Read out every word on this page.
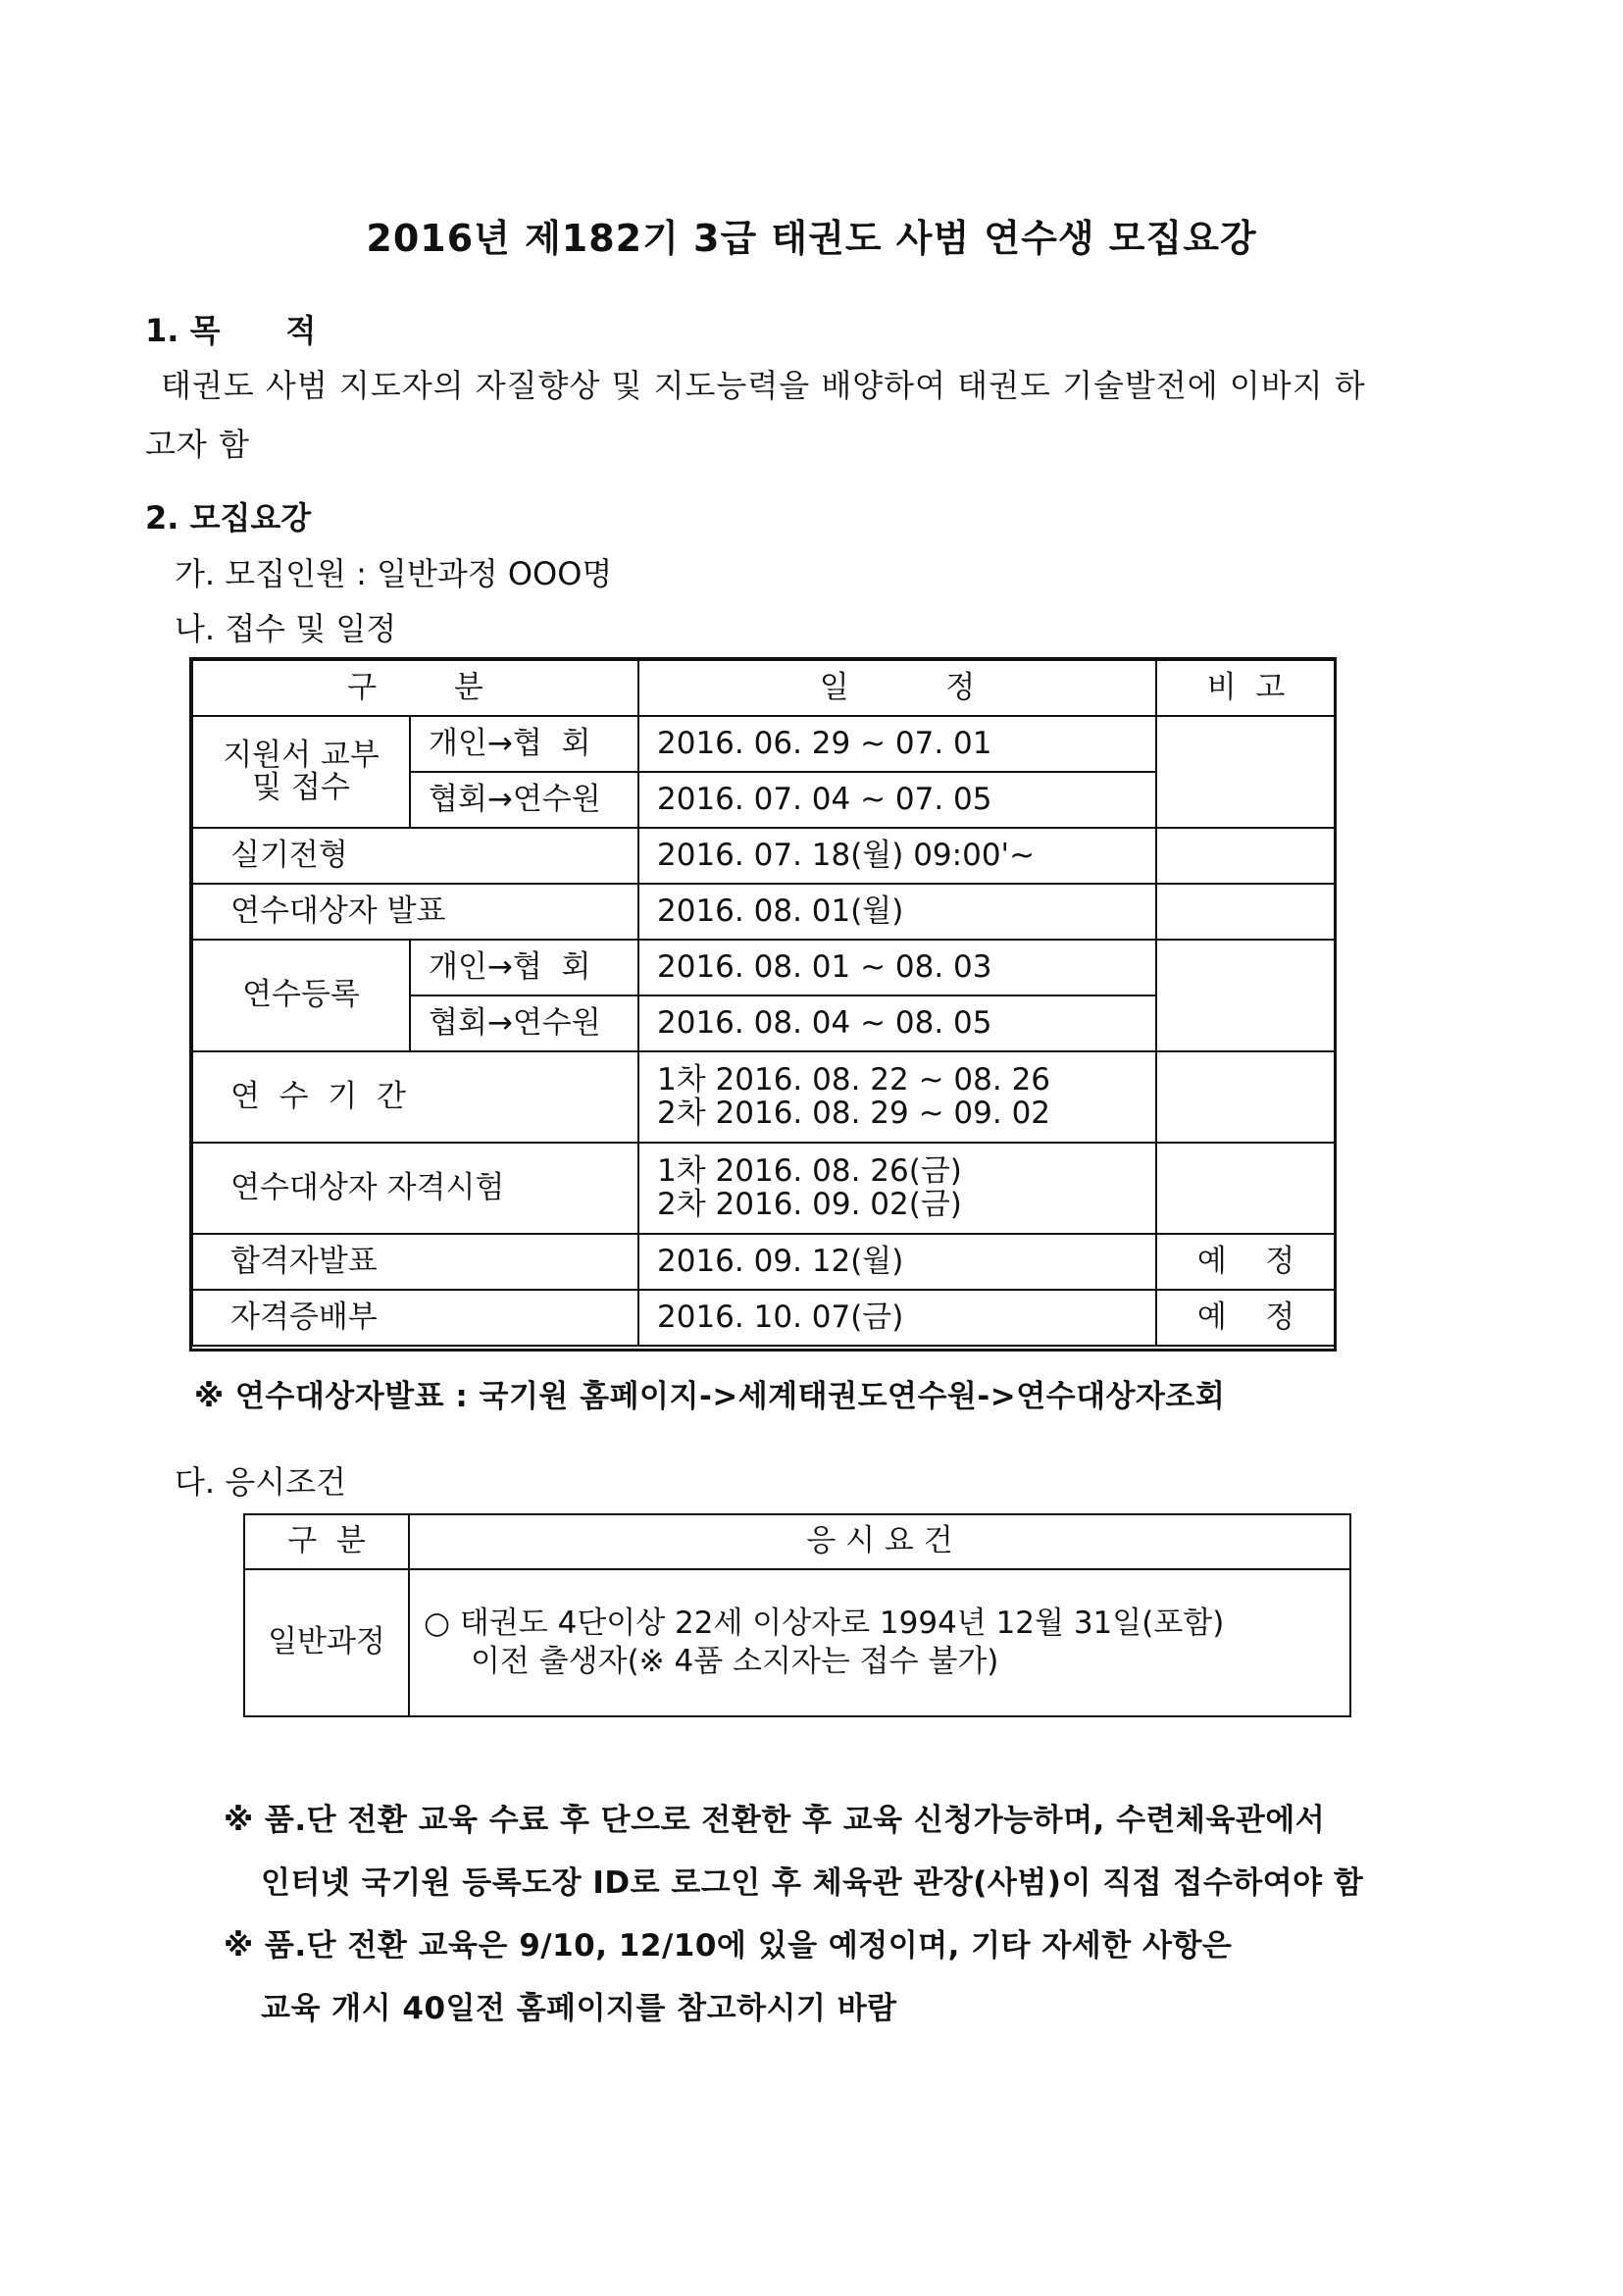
2016년 제182기 3급 태권도 사범 연수생 모집요강
1. 목      적
태권도 사범 지도자의 자질향상 및 지도능력을 배양하여 태권도 기술발전에 이바지 하
고자 함
2. 모집요강
가. 모집인원 : 일반과정 OOO명
나. 접수 및 일정
구        분		일          정	비  고
지원서 교부
및 접수	개인→협  회	2016. 06. 29 ~ 07. 01	
	협회→연수원	2016. 07. 04 ~ 07. 05	
실기전형		2016. 07. 18(월) 09:00'~	
연수대상자 발표		2016. 08. 01(월)	
연수등록	개인→협  회	2016. 08. 01 ~ 08. 03	
	협회→연수원	2016. 08. 04 ~ 08. 05	
연  수  기  간		1차 2016. 08. 22 ~ 08. 26
2차 2016. 08. 29 ~ 09. 02	
연수대상자 자격시험		1차 2016. 08. 26(금)
2차 2016. 09. 02(금)	
합격자발표		2016. 09. 12(월)	예    정
자격증배부		2016. 10. 07(금)	예    정
※ 연수대상자발표 : 국기원 홈페이지->세계태권도연수원->연수대상자조회
다. 응시조건
구  분	응 시 요 건
일반과정	○ 태권도 4단이상 22세 이상자로 1994년 12월 31일(포함)
이전 출생자(※ 4품 소지자는 접수 불가)
※ 품.단 전환 교육 수료 후 단으로 전환한 후 교육 신청가능하며, 수련체육관에서
인터넷 국기원 등록도장 ID로 로그인 후 체육관 관장(사범)이 직접 접수하여야 함
※ 품.단 전환 교육은 9/10, 12/10에 있을 예정이며, 기타 자세한 사항은
교육 개시 40일전 홈페이지를 참고하시기 바람
